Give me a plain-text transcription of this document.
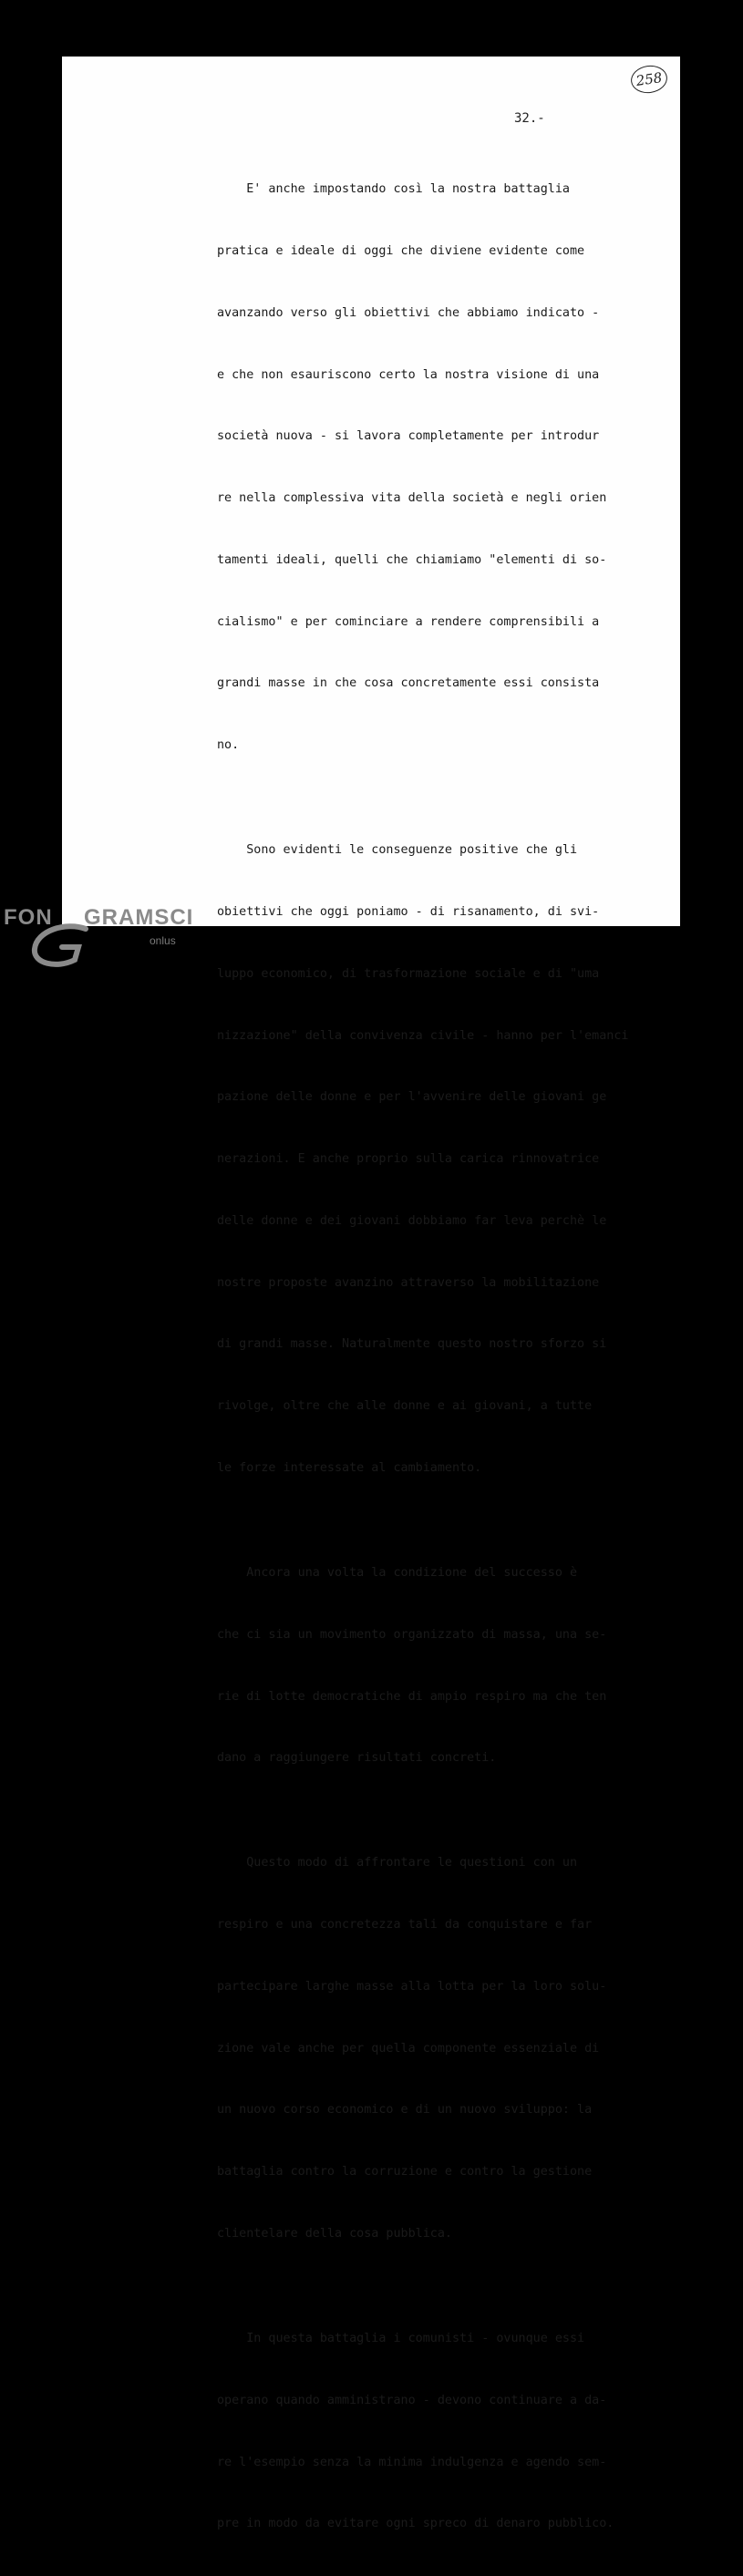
258
32.-

E' anche impostando così la nostra battaglia

pratica e ideale di oggi che diviene evidente come

avanzando verso gli obiettivi che abbiamo indicato -

e che non esauriscono certo la nostra visione di una

società nuova - si lavora completamente per introdur

re nella complessiva vita della società e negli orien

tamenti ideali, quelli che chiamiamo "elementi di so-

cialismo" e per cominciare a rendere comprensibili a

grandi masse in che cosa concretamente essi consista

no.

Sono evidenti le conseguenze positive che gli

obiettivi che oggi poniamo - di risanamento, di svi-

luppo economico, di trasformazione sociale e di "uma

nizzazione" della convivenza civile - hanno per l'emanci

pazione delle donne e per l'avvenire delle giovani ge

nerazioni. E anche proprio sulla carica rinnovatrice

delle donne e dei giovani dobbiamo far leva perchè le

nostre proposte avanzino attraverso la mobilitazione

di grandi masse. Naturalmente questo nostro sforzo si

rivolge, oltre che alle donne e ai giovani, a tutte

le forze interessate al cambiamento.

Ancora una volta la condizione del successo è

che ci sia un movimento organizzato di massa, una se-

rie di lotte democratiche di ampio respiro ma che ten

dano a raggiungere risultati concreti.

Questo modo di affrontare le questioni con un

respiro e una concretezza tali da conquistare e far

partecipare larghe masse alla lotta per la loro solu-

zione vale anche per quella componente essenziale di

un nuovo corso economico e di un nuovo sviluppo: la

battaglia contro la corruzione e contro la gestione

clientelare della cosa pubblica.

In questa battaglia i comunisti - ovunque essi

operano quando amministrano - devono continuare a da-

re l'esempio senza la minima indulgenza e agendo sem-

pre in modo da evitare ogni spreco di denaro pubblico.

FON GRAMSCI
onlus
